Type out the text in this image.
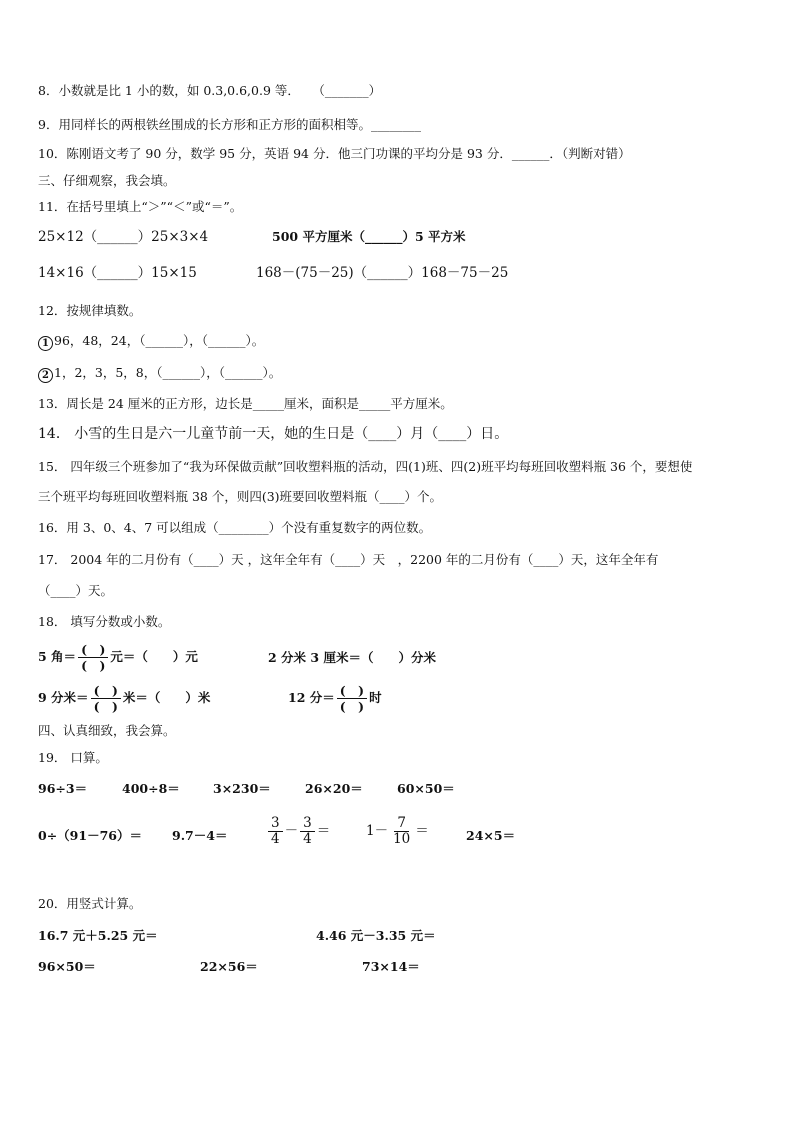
8．小数就是比 1 小的数，如 0.3,0.6,0.9 等．　　（_______）
9．用同样长的两根铁丝围成的长方形和正方形的面积相等。________
10．陈刚语文考了 90 分，数学 95 分，英语 94 分．他三门功课的平均分是 93 分．______．（判断对错）
三、仔细观察，我会填。
11．在括号里填上“＞”“＜”或“＝”。
25×12（______）25×3×4	500 平方厘米（______）5 平方米
14×16（______）15×15	168－(75－25)（______）168－75－25
12．按规律填数。
1 96，48，24，（______），（______）。
2 1，2，3，5，8，（______），（______）。
13．周长是 24 厘米的正方形，边长是_____厘米，面积是_____平方厘米。
14． 小雪的生日是六一儿童节前一天，她的生日是（____）月（____）日。
15． 四年级三个班参加了“我为环保做贡献”回收塑料瓶的活动，四(1)班、四(2)班平均每班回收塑料瓶 36 个，要想使
三个班平均每班回收塑料瓶 38 个，则四(3)班要回收塑料瓶（____）个。
16．用 3、0、4、7 可以组成（________）个没有重复数字的两位数。
17． 2004 年的二月份有（____）天 ，这年全年有（____）天　，2200 年的二月份有（____）天，这年全年有
（____）天。
18． 填写分数或小数。
5 角＝ $\frac{( )}{( )}$ 元＝（　　）元	2 分米 3 厘米＝（　　）分米
9 分米＝ $\frac{( )}{( )}$ 米＝（　　）米	12 分＝ $\frac{( )}{( )}$ 时
四、认真细致，我会算。
19． 口算。
96÷3＝	400÷8＝	3×230＝	26×20＝	60×50＝
0÷（91－76）＝ 9.7－4＝	$\frac{3}{4} - \frac{3}{4}$ ＝	$1- \frac{7}{10}$ ＝	24×5＝
20．用竖式计算。
16.7 元＋5.25 元＝	4.46 元－3.35 元＝
96×50＝	22×56＝	73×14＝
